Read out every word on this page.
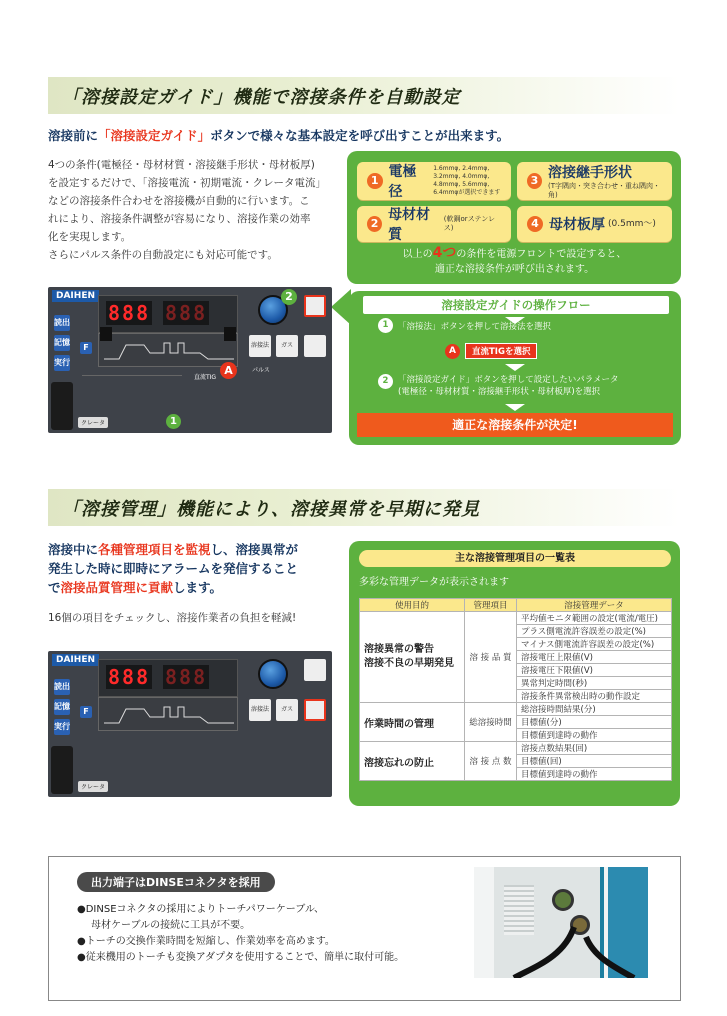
「溶接設定ガイド」機能で溶接条件を自動設定
溶接前に「溶接設定ガイド」ボタンで様々な基本設定を呼び出すことが出来ます。
4つの条件(電極径・母材材質・溶接継手形状・母材板厚)
を設定するだけで、「溶接電流・初期電流・クレータ電流」
などの溶接条件合わせを溶接機が自動的に行います。こ
れにより、溶接条件調整が容易になり、溶接作業の効率
化を実現します。
さらにパルス条件の自動設定にも対応可能です。
1
電極径
1.6mmφ, 2.4mmφ, 3.2mmφ, 4.0mmφ, 4.8mmφ, 5.6mmφ, 6.4mmφが選択できます
3 溶接継手形状
(T字隅肉・突き合わせ・重ね隅肉・角)
2
母材材質
(軟鋼orステンレス)	4 母材板厚 (0.5mm〜)
以上の4つの条件を電源フロントで設定すると、
適正な溶接条件が呼び出されます。
溶接設定ガイドの操作フロー
1	「溶接法」ボタンを押して溶接法を選択
A	直流TIGを選択
2	「溶接設定ガイド」ボタンを押して設定したいパラメータ
(電極径・母材材質・溶接継手形状・母材板厚)を選択
適正な溶接条件が決定!
DAIHEN
読出
記憶
実行
F
888 888
クレータ
直流TIG
溶接法	ガス
パルス
2
A
1
「溶接管理」機能により、溶接異常を早期に発見
溶接中に各種管理項目を監視し、溶接異常が
発生した時に即時にアラームを発信すること
で溶接品質管理に貢献します。
16個の項目をチェックし、溶接作業者の負担を軽減!
DAIHEN
読出
記憶
実行
F
888 888
クレータ
溶接法	ガス
主な溶接管理項目の一覧表
多彩な管理データが表示されます
使用目的	管理項目	溶接管理データ

溶接異常の警告
溶接不良の早期発見	溶 接 品 質	平均値モニタ範囲の設定(電流/電圧)
		プラス側電流許容誤差の設定(%)
		マイナス側電流許容誤差の設定(%)
		溶接電圧上限値(V)
		溶接電圧下限値(V)
		異常判定時間(秒)
		溶接条件異常検出時の動作設定
作業時間の管理	総溶接時間	総溶接時間結果(分)
		目標値(分)
		目標値到達時の動作
溶接忘れの防止	溶 接 点 数	溶接点数結果(回)
		目標値(回)
		目標値到達時の動作
出力端子はDINSEコネクタを採用
●DINSEコネクタの採用によりトーチパワーケーブル、
母材ケーブルの接続に工具が不要。
●トーチの交換作業時間を短縮し、作業効率を高めます。
●従来機用のトーチも変換アダプタを使用することで、簡単に取付可能。
